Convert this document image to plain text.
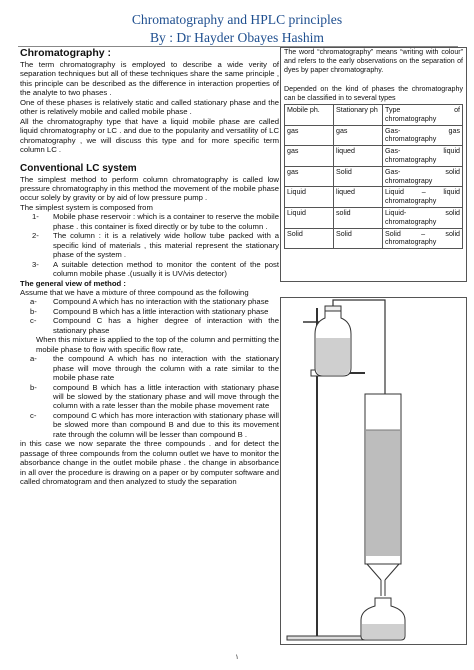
Chromatography and HPLC principles
By : Dr Hayder Obayes Hashim
Chromatography :

The term chromatography is employed to describe a wide verity of separation techniques but all of these techniques share the same principle , this principle can be described as the difference in interaction properties of the analyte to two phases .

One of these phases is relatively static and called stationary phase and the other is relatively mobile and called mobile phase .

All the chromatography type that have a liquid mobile phase are called liquid chromatography or LC . and due to the popularity and versatility of LC chromatography , we will discuss this type and for more specific term column LC .

Conventional LC system

The simplest method to perform column chromatography is called low pressure chromatography in this method the movement of the mobile phase occur solely by gravity or by aid of low pressure pump .

The simplest system is composed from

1- Mobile phase reservoir : which is a container to reserve the mobile phase . this container is fixed directly or by tube to the column .
2- The column : it is a relatively wide hollow tube packed with a specific kind of materials , this material represent the stationary phase of the system .
3- A suitable detection method to monitor the content of the post column mobile phase .(usually it is UV/vis detector)
The general view of method :

Assume that we have a mixture of three compound as the following

a- Compound A which has no interaction with the stationary phase
b- Compound B which has a little interaction with stationary phase
c- Compound C has a higher degree of interaction with the stationary phase

When this mixture is applied to the top of the column and permitting the mobile phase to flow with specific flow rate,

a- the compound A which has no interaction with the stationary phase will move through the column with a rate similar to the mobile phase rate
b- compound B which has a little interaction with stationary phase will be slowed by the stationary phase and will move through the column with a rate lesser than the mobile phase movement rate
c- compound C which has more interaction with stationary phase will be slowed more than compound B and due to this its movement rate through the column will be lesser than compound B .

in this case we now separate the three compounds . and for detect the passage of three compounds from the column outlet we have to monitor the absorbance change in the outlet mobile phase . the change in absorbance in all over the procedure is drawing on a paper or by computer software and called chromatogram and then analyzed to study the separation

The word “chromatography” means “writing with colour” and refers to the early observations on the separation of dyes by paper chromatography.

Depended on the kind of phases the chromatography can be classified in to several types

Mobile ph.	Stationary ph	Type of chromatography
gas	gas	Gas- gas chromatography
gas	liqued	Gas- liquid chromatography
gas	Solid	Gas- solid chromatograpy
Liquid	liqued	Liquid – liquid chromatography
Liquid	solid	Liquid- solid chromatography
Solid	Solid	Solid – solid chromatography
١
